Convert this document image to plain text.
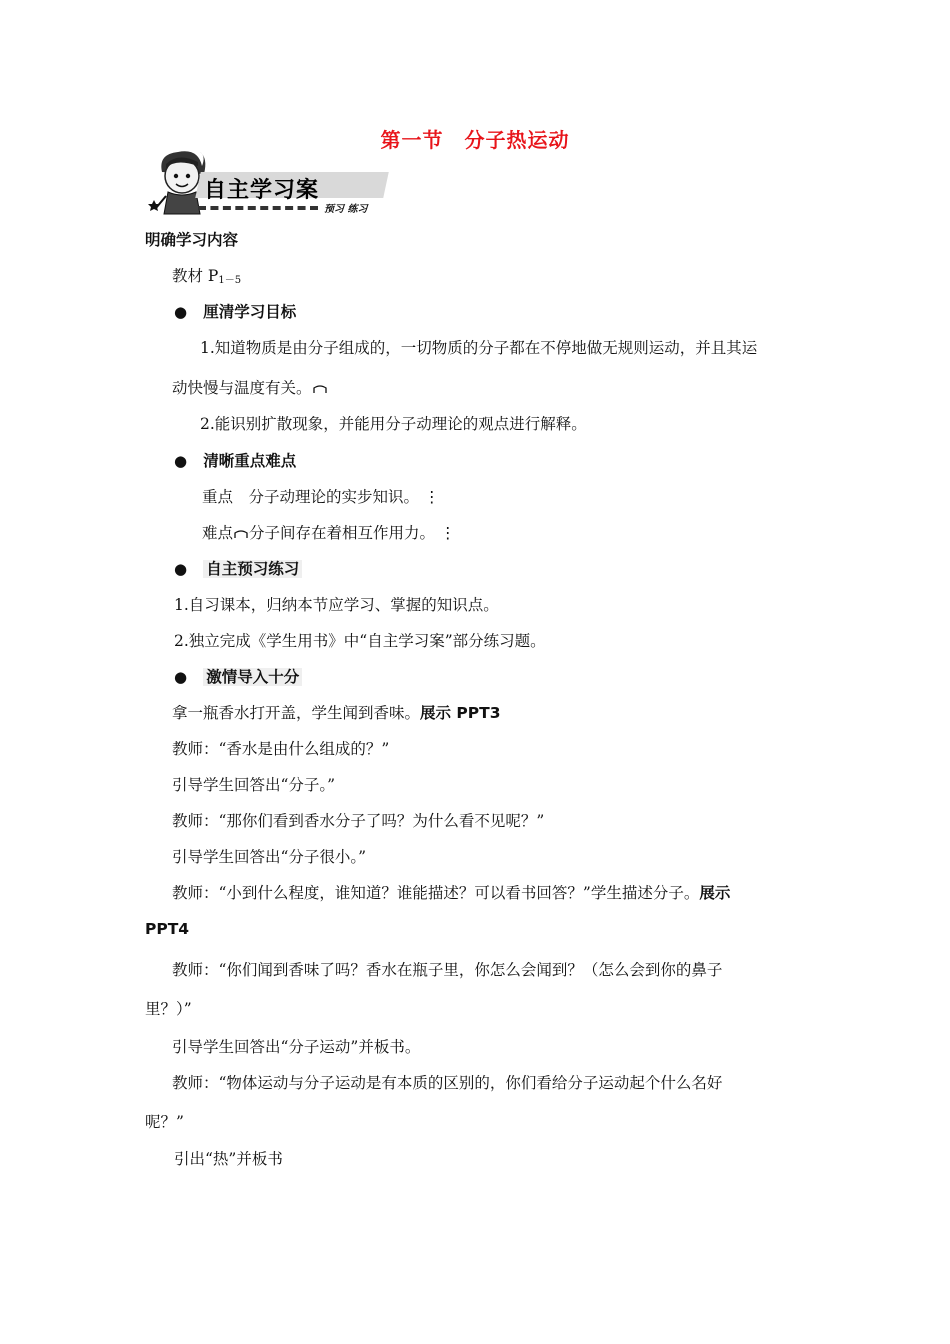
第一节　分子热运动
自主学习案
预习 练习
明确学习内容
教材 P1－5
● 厘清学习目标
1.知道物质是由分子组成的，一切物质的分子都在不停地做无规则运动，并且其运
动快慢与温度有关。
2.能识别扩散现象，并能用分子动理论的观点进行解释。
● 清晰重点难点
重点　分子动理论的实步知识。 ⋮
难点 分子间存在着相互作用力。 ⋮
● 自主预习练习
1.自习课本，归纳本节应学习、掌握的知识点。
2.独立完成《学生用书》中“自主学习案”部分练习题。
● 激情导入十分
拿一瓶香水打开盖，学生闻到香味。展示 PPT3
教师：“香水是由什么组成的？”
引导学生回答出“分子。”
教师：“那你们看到香水分子了吗？为什么看不见呢？”
引导学生回答出“分子很小。”
教师：“小到什么程度，谁知道？谁能描述？可以看书回答？”学生描述分子。展示
PPT4
教师：“你们闻到香味了吗？香水在瓶子里，你怎么会闻到？（怎么会到你的鼻子
里？）”
引导学生回答出“分子运动”并板书。
教师：“物体运动与分子运动是有本质的区别的，你们看给分子运动起个什么名好
呢？”
引出“热”并板书
